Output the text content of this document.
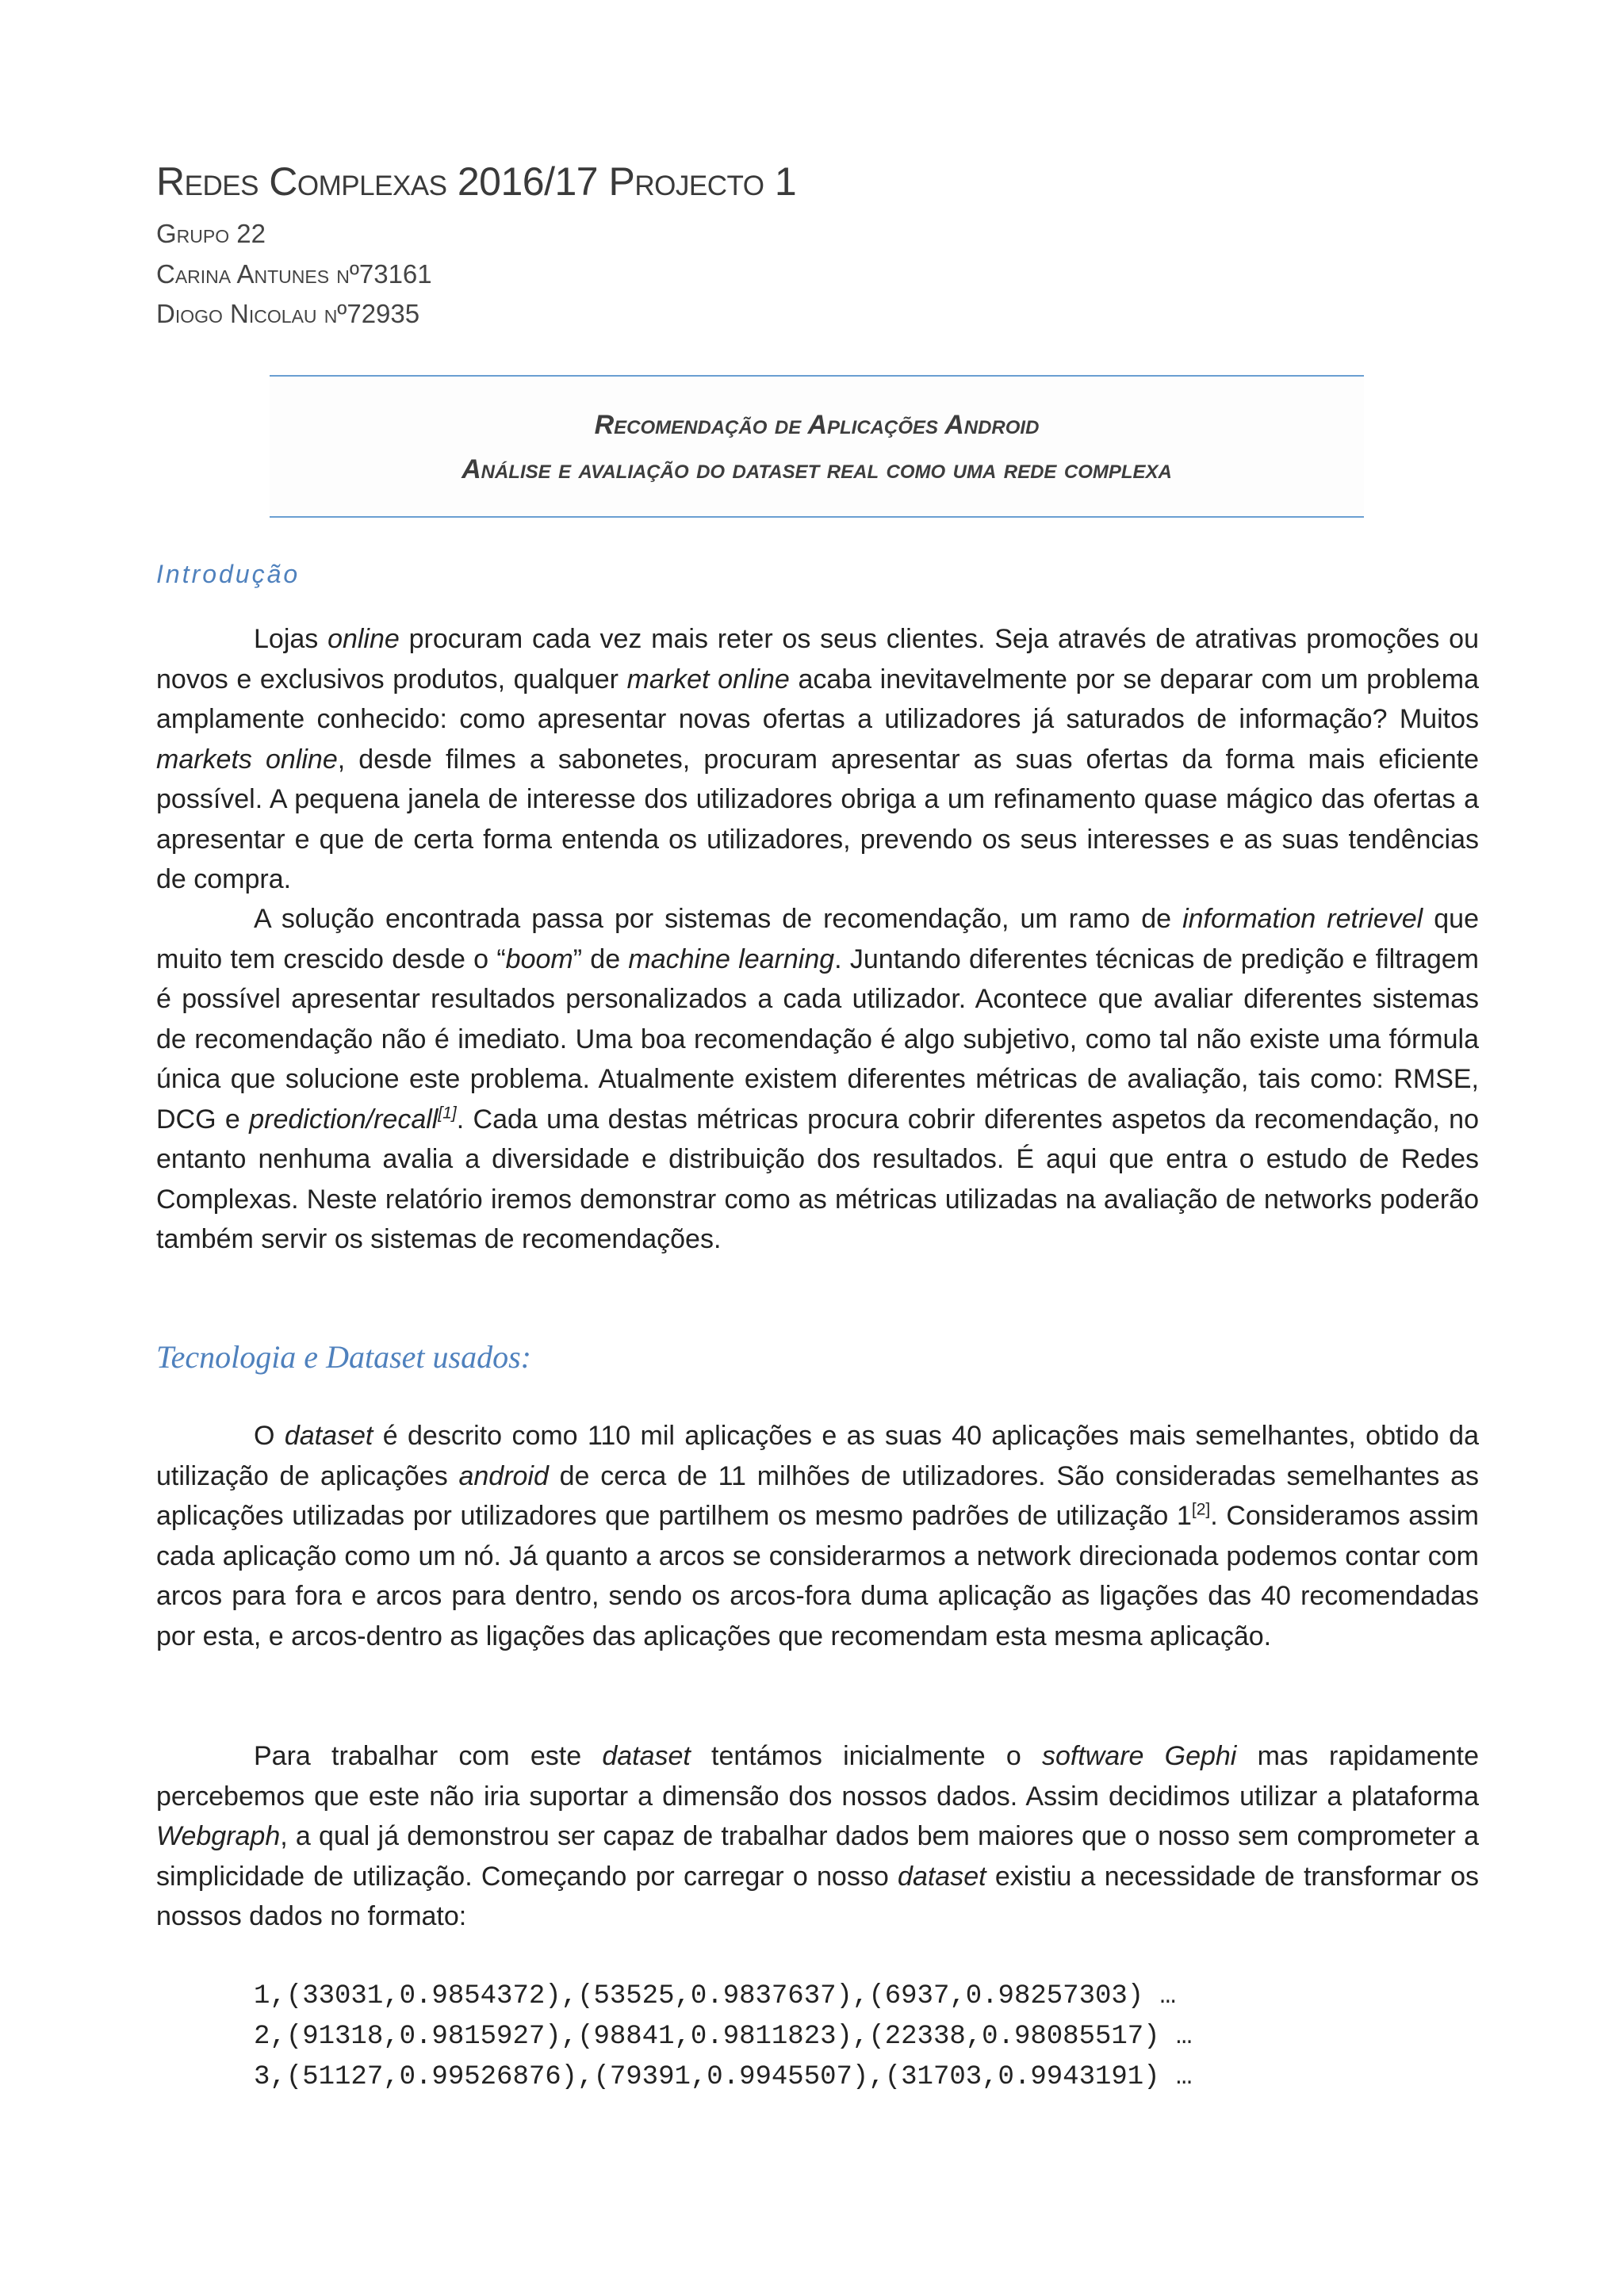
Redes Complexas 2016/17 Projecto 1
Grupo 22
Carina Antunes nº73161
Diogo Nicolau nº72935
Recomendação de Aplicações Android
Análise e avaliação do dataset real como uma rede complexa
Introdução

Lojas online procuram cada vez mais reter os seus clientes. Seja através de atrativas promoções ou novos e exclusivos produtos, qualquer market online acaba inevitavelmente por se deparar com um problema amplamente conhecido: como apresentar novas ofertas a utilizadores já saturados de informação? Muitos markets online, desde filmes a sabonetes, procuram apresentar as suas ofertas da forma mais eficiente possível. A pequena janela de interesse dos utilizadores obriga a um refinamento quase mágico das ofertas a apresentar e que de certa forma entenda os utilizadores, prevendo os seus interesses e as suas tendências de compra.

A solução encontrada passa por sistemas de recomendação, um ramo de information retrievel que muito tem crescido desde o “boom” de machine learning. Juntando diferentes técnicas de predição e filtragem é possível apresentar resultados personalizados a cada utilizador. Acontece que avaliar diferentes sistemas de recomendação não é imediato. Uma boa recomendação é algo subjetivo, como tal não existe uma fórmula única que solucione este problema. Atualmente existem diferentes métricas de avaliação, tais como: RMSE, DCG e prediction/recall[1]. Cada uma destas métricas procura cobrir diferentes aspetos da recomendação, no entanto nenhuma avalia a diversidade e distribuição dos resultados. É aqui que entra o estudo de Redes Complexas. Neste relatório iremos demonstrar como as métricas utilizadas na avaliação de networks poderão também servir os sistemas de recomendações.

Tecnologia e Dataset usados:

O dataset é descrito como 110 mil aplicações e as suas 40 aplicações mais semelhantes, obtido da utilização de aplicações android de cerca de 11 milhões de utilizadores. São consideradas semelhantes as aplicações utilizadas por utilizadores que partilhem os mesmo padrões de utilização 1[2]. Consideramos assim cada aplicação como um nó. Já quanto a arcos se considerarmos a network direcionada podemos contar com arcos para fora e arcos para dentro, sendo os arcos-fora duma aplicação as ligações das 40 recomendadas por esta, e arcos-dentro as ligações das aplicações que recomendam esta mesma aplicação.

Para trabalhar com este dataset tentámos inicialmente o software Gephi mas rapidamente percebemos que este não iria suportar a dimensão dos nossos dados. Assim decidimos utilizar a plataforma Webgraph, a qual já demonstrou ser capaz de trabalhar dados bem maiores que o nosso sem comprometer a simplicidade de utilização. Começando por carregar o nosso dataset existiu a necessidade de transformar os nossos dados no formato:

1,(33031,0.9854372),(53525,0.9837637),(6937,0.98257303) …
2,(91318,0.9815927),(98841,0.9811823),(22338,0.98085517) …
3,(51127,0.99526876),(79391,0.9945507),(31703,0.9943191) …
